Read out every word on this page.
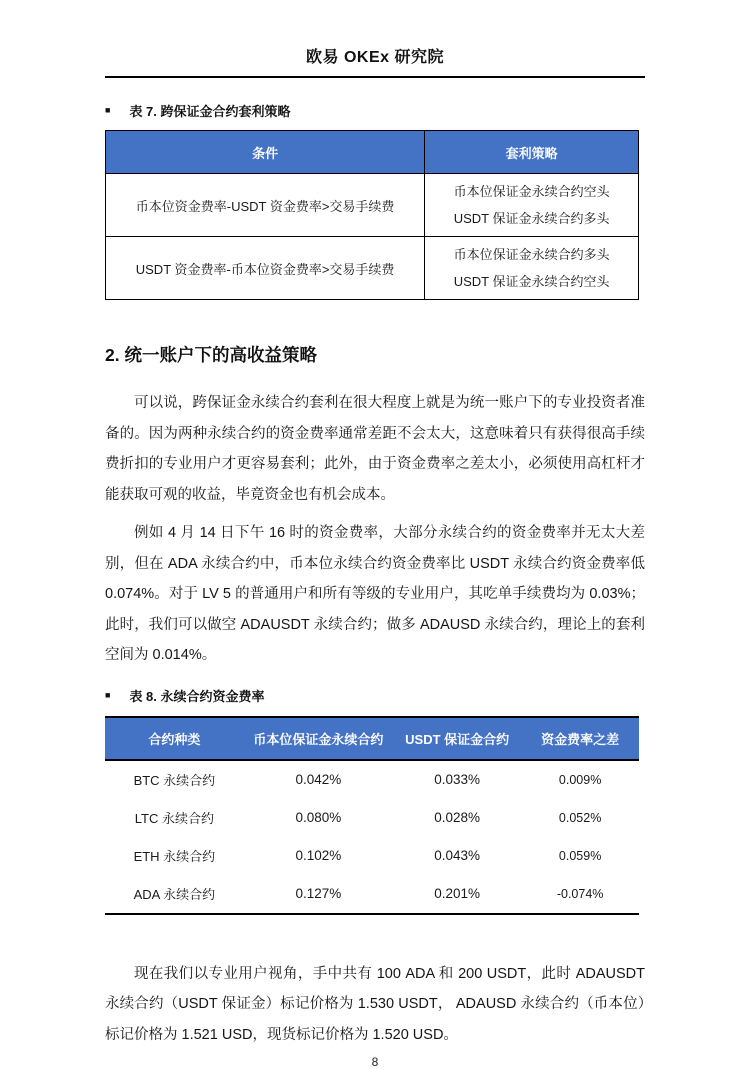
欧易 OKEx 研究院
■ 表 7. 跨保证金合约套利策略
条件	套利策略
币本位资金费率-USDT 资金费率>交易手续费	币本位保证金永续合约空头
USDT 保证金永续合约多头

USDT 资金费率-币本位资金费率>交易手续费	币本位保证金永续合约多头
USDT 保证金永续合约空头
2. 统一账户下的高收益策略

可以说，跨保证金永续合约套利在很大程度上就是为统一账户下的专业投资者准备的。因为两种永续合约的资金费率通常差距不会太大，这意味着只有获得很高手续费折扣的专业用户才更容易套利；此外，由于资金费率之差太小，必须使用高杠杆才能获取可观的收益，毕竟资金也有机会成本。

例如 4 月 14 日下午 16 时的资金费率，大部分永续合约的资金费率并无太大差别，但在 ADA 永续合约中，币本位永续合约资金费率比 USDT 永续合约资金费率低 0.074%。对于 LV 5 的普通用户和所有等级的专业用户，其吃单手续费均为 0.03%；此时，我们可以做空 ADAUSDT 永续合约；做多 ADAUSD 永续合约，理论上的套利空间为 0.014%。

■ 表 8. 永续合约资金费率
合约种类	币本位保证金永续合约	USDT 保证金合约	资金费率之差
BTC 永续合约	0.042%	0.033%	0.009%
LTC 永续合约	0.080%	0.028%	0.052%
ETH 永续合约	0.102%	0.043%	0.059%
ADA 永续合约	0.127%	0.201%	-0.074%

现在我们以专业用户视角，手中共有 100 ADA 和 200 USDT，此时 ADAUSDT 永续合约（USDT 保证金）标记价格为 1.530 USDT， ADAUSD 永续合约（币本位）标记价格为 1.521 USD，现货标记价格为 1.520 USD。

8
